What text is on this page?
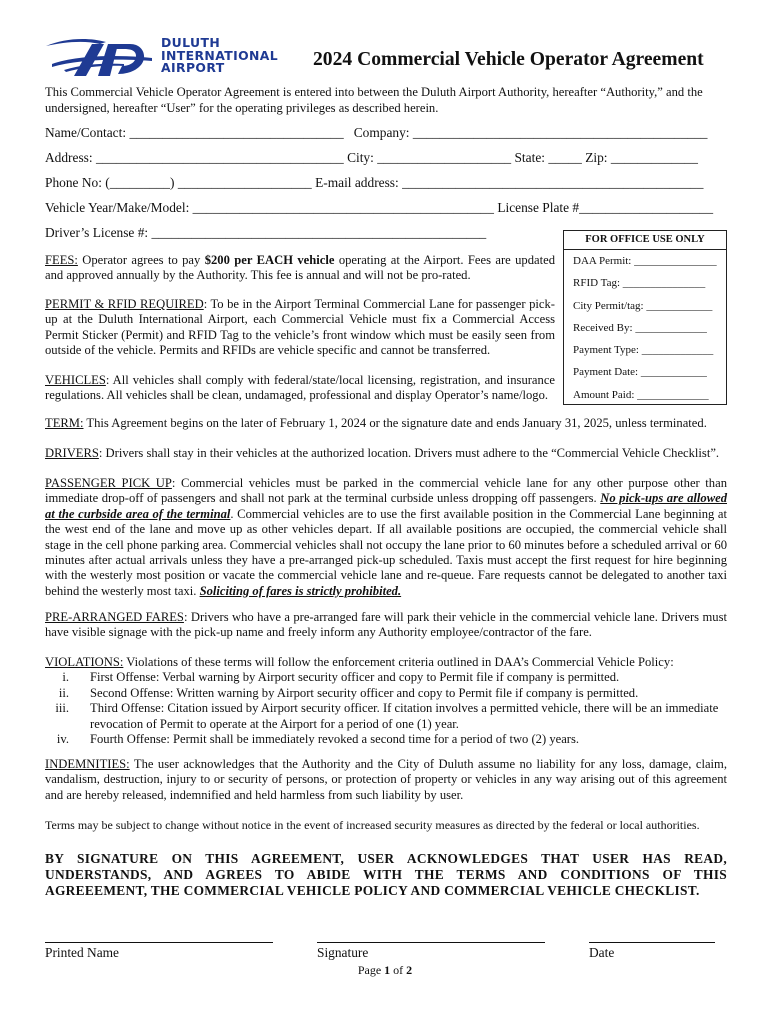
DULUTH
INTERNATIONAL
AIRPORT	2024 Commercial Vehicle Operator Agreement
This Commercial Vehicle Operator Agreement is entered into between the Duluth Airport Authority, hereafter “Authority,” and the undersigned, hereafter “User” for the operating privileges as described herein.
Name/Contact: ________________________________ Company: ____________________________________________
Address: _____________________________________ City: ____________________ State: _____ Zip: _____________
Phone No: (_________) ____________________ E-mail address: _____________________________________________
Vehicle Year/Make/Model: _____________________________________________ License Plate #____________________
Driver’s License #: __________________________________________________	FOR OFFICE USE ONLY
DAA Permit: _______________
RFID Tag: _______________
City Permit/tag: ____________
Received By: _____________
Payment Type: _____________
Payment Date: ____________
Amount Paid: _____________
FEES: Operator agrees to pay $200 per EACH vehicle operating at the Airport. Fees are updated and approved annually by the Authority. This fee is annual and will not be pro-rated.
PERMIT & RFID REQUIRED: To be in the Airport Terminal Commercial Lane for passenger pick-up at the Duluth International Airport, each Commercial Vehicle must fix a Commercial Access Permit Sticker (Permit) and RFID Tag to the vehicle’s front window which must be easily seen from outside of the vehicle. Permits and RFIDs are vehicle specific and cannot be transferred.
VEHICLES: All vehicles shall comply with federal/state/local licensing, registration, and insurance regulations. All vehicles shall be clean, undamaged, professional and display Operator’s name/logo.
TERM: This Agreement begins on the later of February 1, 2024 or the signature date and ends January 31, 2025, unless terminated.
DRIVERS: Drivers shall stay in their vehicles at the authorized location. Drivers must adhere to the “Commercial Vehicle Checklist”.
PASSENGER PICK UP: Commercial vehicles must be parked in the commercial vehicle lane for any other purpose other than immediate drop-off of passengers and shall not park at the terminal curbside unless dropping off passengers. No pick-ups are allowed at the curbside area of the terminal. Commercial vehicles are to use the first available position in the Commercial Lane beginning at the west end of the lane and move up as other vehicles depart. If all available positions are occupied, the commercial vehicle shall stage in the cell phone parking area. Commercial vehicles shall not occupy the lane prior to 60 minutes before a scheduled arrival or 60 minutes after actual arrivals unless they have a pre-arranged pick-up scheduled. Taxis must accept the first request for hire beginning with the westerly most position or vacate the commercial vehicle lane and re-queue. Fare requests cannot be delegated to another taxi behind the westerly most taxi. Soliciting of fares is strictly prohibited.
PRE-ARRANGED FARES: Drivers who have a pre-arranged fare will park their vehicle in the commercial vehicle lane. Drivers must have visible signage with the pick-up name and freely inform any Authority employee/contractor of the fare.
VIOLATIONS: Violations of these terms will follow the enforcement criteria outlined in DAA’s Commercial Vehicle Policy:
i. First Offense: Verbal warning by Airport security officer and copy to Permit file if company is permitted.
ii. Second Offense: Written warning by Airport security officer and copy to Permit file if company is permitted.
iii. Third Offense: Citation issued by Airport security officer. If citation involves a permitted vehicle, there will be an immediate revocation of Permit to operate at the Airport for a period of one (1) year.
iv. Fourth Offense: Permit shall be immediately revoked a second time for a period of two (2) years.
INDEMNITIES: The user acknowledges that the Authority and the City of Duluth assume no liability for any loss, damage, claim, vandalism, destruction, injury to or security of persons, or protection of property or vehicles in any way arising out of this agreement and are hereby released, indemnified and held harmless from such liability by user.
Terms may be subject to change without notice in the event of increased security measures as directed by the federal or local authorities.
BY SIGNATURE ON THIS AGREEMENT, USER ACKNOWLEDGES THAT USER HAS READ, UNDERSTANDS, AND AGREES TO ABIDE WITH THE TERMS AND CONDITIONS OF THIS AGREEEMENT, THE COMMERCIAL VEHICLE POLICY AND COMMERCIAL VEHICLE CHECKLIST.
Printed Name	Signature	Date
Page 1 of 2
